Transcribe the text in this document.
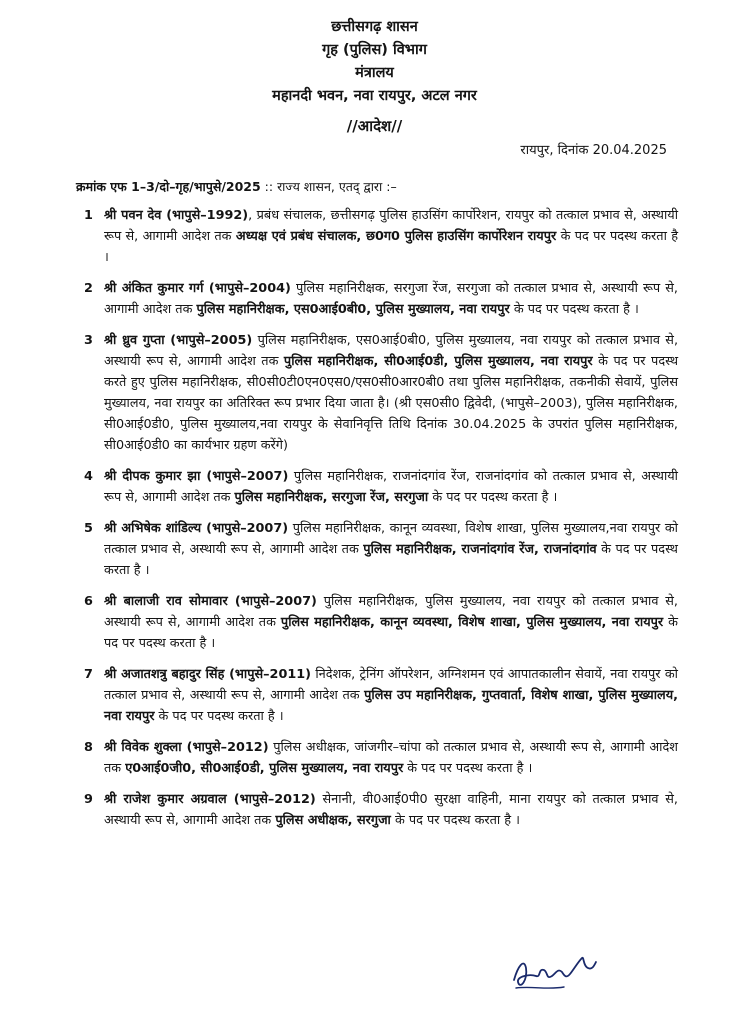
छत्तीसगढ़ शासन
गृह (पुलिस) विभाग
मंत्रालय
महानदी भवन, नवा रायपुर, अटल नगर
//आदेश//
रायपुर, दिनांक 20.04.2025
क्रमांक एफ 1–3/दो–गृह/भापुसे/2025 :: राज्य शासन, एतद् द्वारा :–
1 श्री पवन देव (भापुसे–1992), प्रबंध संचालक, छत्तीसगढ़ पुलिस हाउसिंग कार्पोरेशन, रायपुर को तत्काल प्रभाव से, अस्थायी रूप से, आगामी आदेश तक अध्यक्ष एवं प्रबंध संचालक, छ0ग0 पुलिस हाउसिंग कार्पोरेशन रायपुर के पद पर पदस्थ करता है ।
2 श्री अंकित कुमार गर्ग (भापुसे–2004) पुलिस महानिरीक्षक, सरगुजा रेंज, सरगुजा को तत्काल प्रभाव से, अस्थायी रूप से, आगामी आदेश तक पुलिस महानिरीक्षक, एस0आई0बी0, पुलिस मुख्यालय, नवा रायपुर के पद पर पदस्थ करता है ।
3 श्री ध्रुव गुप्ता (भापुसे–2005) पुलिस महानिरीक्षक, एस0आई0बी0, पुलिस मुख्यालय, नवा रायपुर को तत्काल प्रभाव से, अस्थायी रूप से, आगामी आदेश तक पुलिस महानिरीक्षक, सी0आई0डी, पुलिस मुख्यालय, नवा रायपुर के पद पर पदस्थ करते हुए पुलिस महानिरीक्षक, सी0सी0टी0एन0एस0/एस0सी0आर0बी0 तथा पुलिस महानिरीक्षक, तकनीकी सेवायें, पुलिस मुख्यालय, नवा रायपुर का अतिरिक्त रूप प्रभार दिया जाता है। (श्री एस0सी0 द्विवेदी, (भापुसे–2003), पुलिस महानिरीक्षक, सी0आई0डी0, पुलिस मुख्यालय,नवा रायपुर के सेवानिवृत्ति तिथि दिनांक 30.04.2025 के उपरांत पुलिस महानिरीक्षक, सी0आई0डी0 का कार्यभार ग्रहण करेंगे)
4 श्री दीपक कुमार झा (भापुसे–2007) पुलिस महानिरीक्षक, राजनांदगांव रेंज, राजनांदगांव को तत्काल प्रभाव से, अस्थायी रूप से, आगामी आदेश तक पुलिस महानिरीक्षक, सरगुजा रेंज, सरगुजा के पद पर पदस्थ करता है ।
5 श्री अभिषेक शांडिल्य (भापुसे–2007) पुलिस महानिरीक्षक, कानून व्यवस्था, विशेष शाखा, पुलिस मुख्यालय,नवा रायपुर को तत्काल प्रभाव से, अस्थायी रूप से, आगामी आदेश तक पुलिस महानिरीक्षक, राजनांदगांव रेंज, राजनांदगांव के पद पर पदस्थ करता है ।
6 श्री बालाजी राव सोमावार (भापुसे–2007) पुलिस महानिरीक्षक, पुलिस मुख्यालय, नवा रायपुर को तत्काल प्रभाव से, अस्थायी रूप से, आगामी आदेश तक पुलिस महानिरीक्षक, कानून व्यवस्था, विशेष शाखा, पुलिस मुख्यालय, नवा रायपुर के पद पर पदस्थ करता है ।
7 श्री अजातशत्रु बहादुर सिंह (भापुसे–2011) निदेशक, ट्रेनिंग ऑपरेशन, अग्निशमन एवं आपातकालीन सेवायें, नवा रायपुर को तत्काल प्रभाव से, अस्थायी रूप से, आगामी आदेश तक पुलिस उप महानिरीक्षक, गुप्तवार्ता, विशेष शाखा, पुलिस मुख्यालय, नवा रायपुर के पद पर पदस्थ करता है ।
8 श्री विवेक शुक्ला (भापुसे–2012) पुलिस अधीक्षक, जांजगीर–चांपा को तत्काल प्रभाव से, अस्थायी रूप से, आगामी आदेश तक ए0आई0जी0, सी0आई0डी, पुलिस मुख्यालय, नवा रायपुर के पद पर पदस्थ करता है ।
9 श्री राजेश कुमार अग्रवाल (भापुसे–2012) सेनानी, वी0आई0पी0 सुरक्षा वाहिनी, माना रायपुर को तत्काल प्रभाव से, अस्थायी रूप से, आगामी आदेश तक पुलिस अधीक्षक, सरगुजा के पद पर पदस्थ करता है ।
